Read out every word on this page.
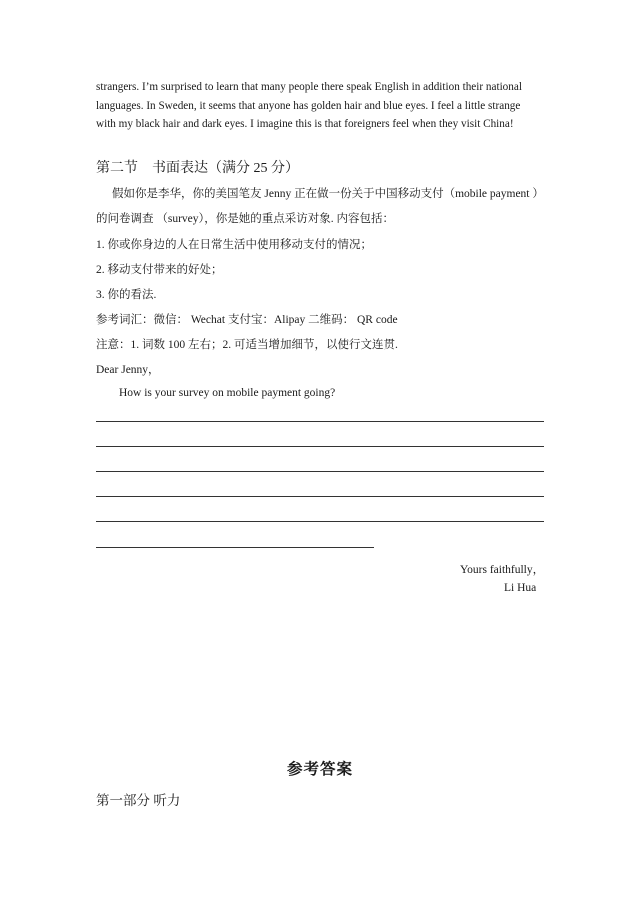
strangers. I’m surprised to learn that many people there speak English in addition their national
languages. In Sweden, it seems that anyone has golden hair and blue eyes. I feel a little strange
with my black hair and dark eyes. I imagine this is that foreigners feel when they visit China!
第二节　书面表达（满分 25 分）
假如你是李华，你的美国笔友 Jenny 正在做一份关于中国移动支付（mobile payment ）
的问卷调查 （survey），你是她的重点采访对象. 内容包括：
1. 你或你身边的人在日常生活中使用移动支付的情况；
2. 移动支付带来的好处；
3. 你的看法.
参考词汇：微信： Wechat 支付宝：Alipay 二维码： QR code
注意：1. 词数 100 左右；2. 可适当增加细节，以使行文连贯.
Dear Jenny，
How is your survey on mobile payment going?
Yours faithfully，
Li Hua
参考答案
第一部分 听力
